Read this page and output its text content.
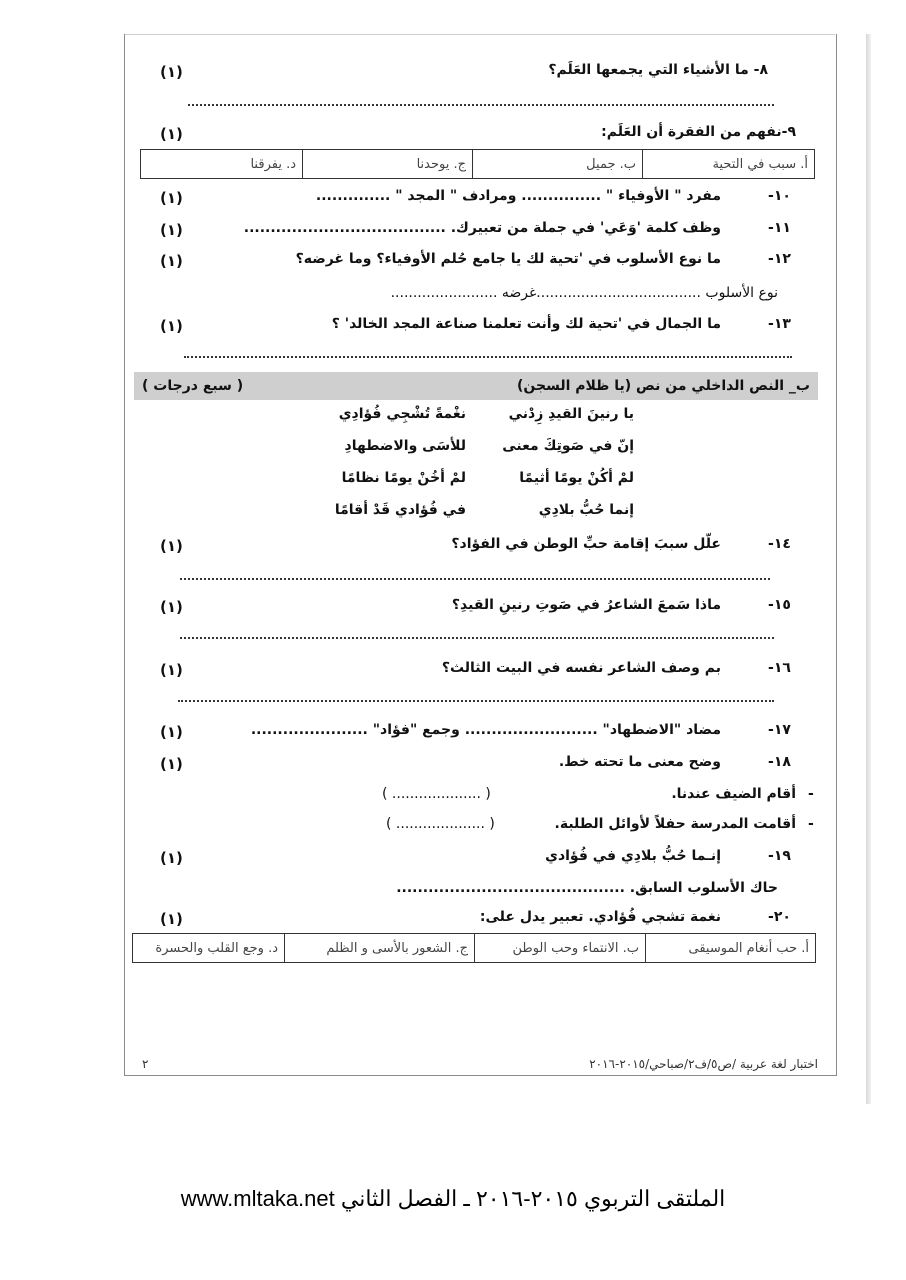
٨- ما الأشياء التي يجمعها العَلَم؟
(١)
٩-نفهم من الفقرة أن العَلَم:
(١)
أ. سبب في التحية
ب. جميل
ج. يوحدنا
د. يفرقنا
-١٠
مفرد " الأوفياء " ............... ومرادف " المجد " ..............
(١)
-١١
وظف كلمة 'وَعَي' في جملة من تعبيرك. ......................................
(١)
-١٢
ما نوع الأسلوب في 'تحية لك يا جامع حُلم الأوفياء؟ وما غرضه؟
(١)
نوع الأسلوب .....................................غرضه ........................
-١٣
ما الجمال في 'تحية لك وأنت تعلمنا صناعة المجد الخالد' ؟
(١)
ب_ النص الداخلي من نص (يا ظلام السجن)
( سبع درجات )
يا رنينَ القيدِ زِدْني
نغْمةً تُشْجِي فُؤادِي
إنّ في صَوتِكَ معنى
للأسَى والاضطهادِ
لمْ أكُنْ يومًا أثيمًا
لمْ أخُنْ يومًا نظامًا
إنما حُبُّ بلادِي
في فُؤادي قَدْ أقامًا
-١٤
علّل سببَ إقامة حبِّ الوطن في الفؤاد؟
(١)
-١٥
ماذا سَمعَ الشاعرُ في صَوتِ رنينِ القيدِ؟
(١)
-١٦
بم وصف الشاعر نفسه في البيت الثالث؟
(١)
-١٧
مضاد "الاضطهاد" ......................... وجمع "فؤاد" ......................
(١)
-١٨
وضح معنى ما تحته خط.
(١)
-
أقام الضيف عندنا.
( .................... )
-
أقامت المدرسة حفلاً لأوائل الطلبة.
( .................... )
-١٩
إنـما حُبُّ بلادِي في فُؤادي
(١)
حاك الأسلوب السابق. ...........................................
-٢٠
نغمة تشجي فُؤادي. تعبير يدل على:
(١)
أ. حب أنغام الموسيقى
ب. الانتماء وحب الوطن
ج. الشعور بالأسى و الظلم
د. وجع القلب والحسرة
٢	اختبار لغة عربية /ص٥/ف٢/صباحي/٢٠١٥-٢٠١٦
www.mltaka.net الملتقى التربوي ٢٠١٥-٢٠١٦ ـ الفصل الثاني
